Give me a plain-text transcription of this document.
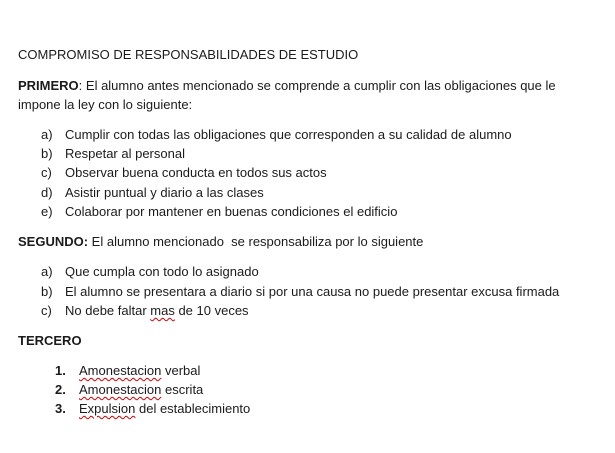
COMPROMISO DE RESPONSABILIDADES DE ESTUDIO
PRIMERO: El alumno antes mencionado se comprende a cumplir con las obligaciones que le impone la ley con lo siguiente:
a) Cumplir con todas las obligaciones que corresponden a su calidad de alumno
b) Respetar al personal
c) Observar buena conducta en todos sus actos
d) Asistir puntual y diario a las clases
e) Colaborar por mantener en buenas condiciones el edificio
SEGUNDO: El alumno mencionado  se responsabiliza por lo siguiente
a) Que cumpla con todo lo asignado
b) El alumno se presentara a diario si por una causa no puede presentar excusa firmada
c) No debe faltar mas de 10 veces
TERCERO
1. Amonestacion verbal
2. Amonestacion escrita
3. Expulsion del establecimiento
